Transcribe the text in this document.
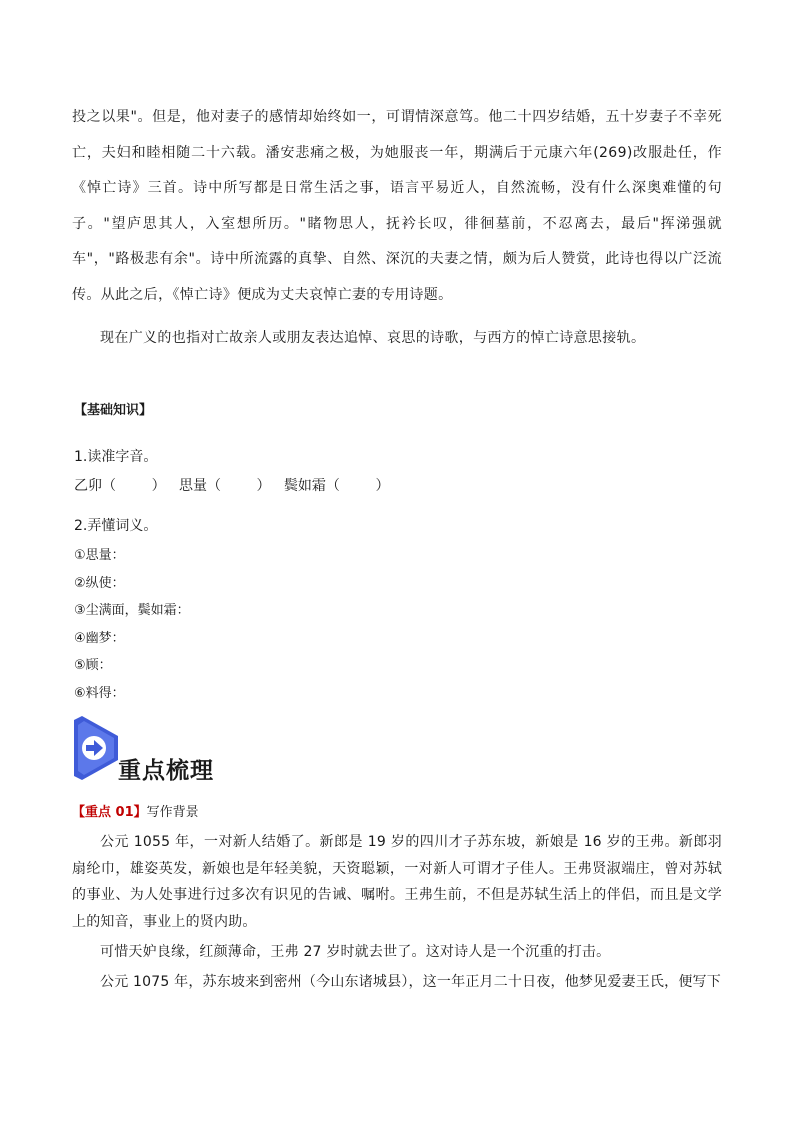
投之以果"。但是，他对妻子的感情却始终如一，可谓情深意笃。他二十四岁结婚，五十岁妻子不幸死亡，夫妇和睦相随二十六载。潘安悲痛之极，为她服丧一年，期满后于元康六年(269)改服赴任，作《悼亡诗》三首。诗中所写都是日常生活之事，语言平易近人，自然流畅，没有什么深奥难懂的句子。"望庐思其人，入室想所历。"睹物思人，抚衿长叹，徘徊墓前，不忍离去，最后"挥涕强就车"，"路极悲有余"。诗中所流露的真挚、自然、深沉的夫妻之情，颇为后人赞赏，此诗也得以广泛流传。从此之后，《悼亡诗》便成为丈夫哀悼亡妻的专用诗题。

现在广义的也指对亡故亲人或朋友表达追悼、哀思的诗歌，与西方的悼亡诗意思接轨。

【基础知识】
1.读准字音。
乙卯（        ）   思量（        ）   鬓如霜（        ）
2.弄懂词义。
①思量：
②纵使：
③尘满面，鬓如霜：
④幽梦：
⑤顾：
⑥料得：
重点梳理
【重点 01】写作背景

公元 1055 年，一对新人结婚了。新郎是 19 岁的四川才子苏东坡，新娘是 16 岁的王弗。新郎羽扇纶巾，雄姿英发，新娘也是年轻美貌，天资聪颖，一对新人可谓才子佳人。王弗贤淑端庄，曾对苏轼的事业、为人处事进行过多次有识见的告诫、嘱咐。王弗生前，不但是苏轼生活上的伴侣，而且是文学上的知音，事业上的贤内助。

可惜天妒良缘，红颜薄命，王弗 27 岁时就去世了。这对诗人是一个沉重的打击。

公元 1075 年，苏东坡来到密州（今山东诸城县），这一年正月二十日夜，他梦见爱妻王氏，便写下
